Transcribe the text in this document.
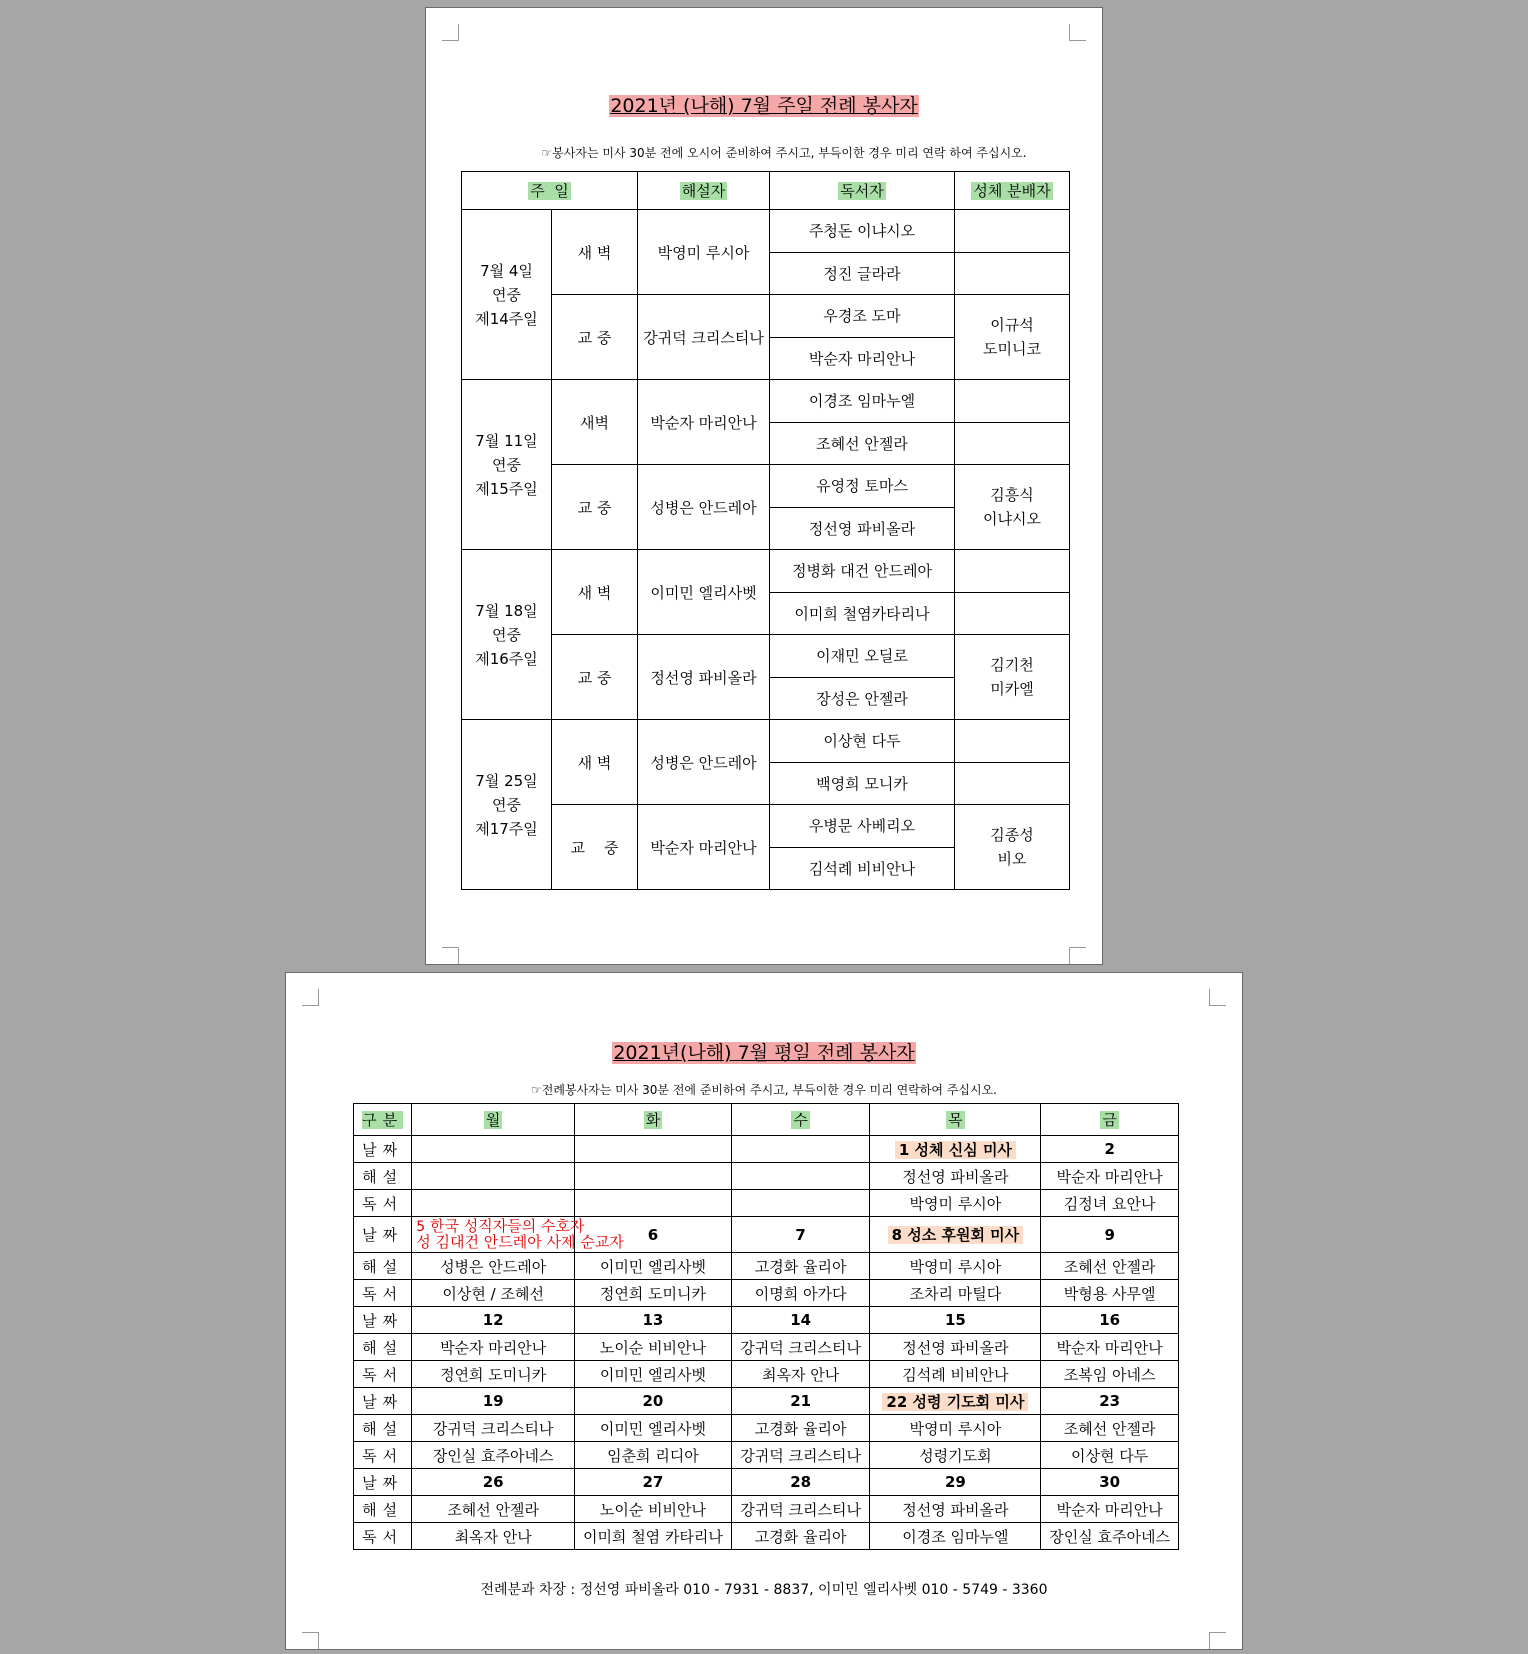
2021년 (나해) 7월 주일 전례 봉사자
☞봉사자는 미사 30분 전에 오시어 준비하여 주시고, 부득이한 경우 미리 연락 하여 주십시오.
주  일		해설자	독서자	성체 분배자
7월 4일
연중
제14주일	새 벽	박영미 루시아	주청돈 이냐시오	
			정진 글라라	
	교 중	강귀덕 크리스티나	우경조 도마	이규석
도미니코
			박순자 마리안나	
7월 11일
연중
제15주일	새벽	박순자 마리안나	이경조 임마누엘	
			조혜선 안젤라	
	교 중	성병은 안드레아	유영정 토마스	김흥식
이냐시오
			정선영 파비올라	
7월 18일
연중
제16주일	새 벽	이미민 엘리사벳	정병화 대건 안드레아	
			이미희 철염카타리나	
	교 중	정선영 파비올라	이재민 오딜로	김기천
미카엘
			장성은 안젤라	
7월 25일
연중
제17주일	새 벽	성병은 안드레아	이상현 다두	
			백영희 모니카	
	교    중	박순자 마리안나	우병문 사베리오	김종성
비오
			김석례 비비안나	
2021년(나해) 7월 평일 전례 봉사자
☞전례봉사자는 미사 30분 전에 준비하여 주시고, 부득이한 경우 미리 연락하여 주십시오.
구분	월	화	수	목	금
날짜				1 성체 신심 미사	2
해설				정선영 파비올라	박순자 마리안나
독서				박영미 루시아	김정녀 요안나
날짜	5 한국 성직자들의 수호자
성 김대건 안드레아 사제 순교자	6	7	8 성소 후원회 미사	9
해설	성병은 안드레아	이미민 엘리사벳	고경화 율리아	박영미 루시아	조혜선 안젤라
독서	이상현 / 조혜선	정연희 도미니카	이명희 아가다	조차리 마틸다	박형용 사무엘
날짜	12	13	14	15	16
해설	박순자 마리안나	노이순 비비안나	강귀덕 크리스티나	정선영 파비올라	박순자 마리안나
독서	정연희 도미니카	이미민 엘리사벳	최옥자 안나	김석례 비비안나	조복임 아네스
날짜	19	20	21	22 성령 기도회 미사	23
해설	강귀덕 크리스티나	이미민 엘리사벳	고경화 율리아	박영미 루시아	조혜선 안젤라
독서	장인실 효주아네스	임춘희 리디아	강귀덕 크리스티나	성령기도회	이상현 다두
날짜	26	27	28	29	30
해설	조혜선 안젤라	노이순 비비안나	강귀덕 크리스티나	정선영 파비올라	박순자 마리안나
독서	최옥자 안나	이미희 철염 카타리나	고경화 율리아	이경조 임마누엘	장인실 효주아네스
전례분과 차장 : 정선영 파비올라 010 - 7931 - 8837, 이미민 엘리사벳 010 - 5749 - 3360
